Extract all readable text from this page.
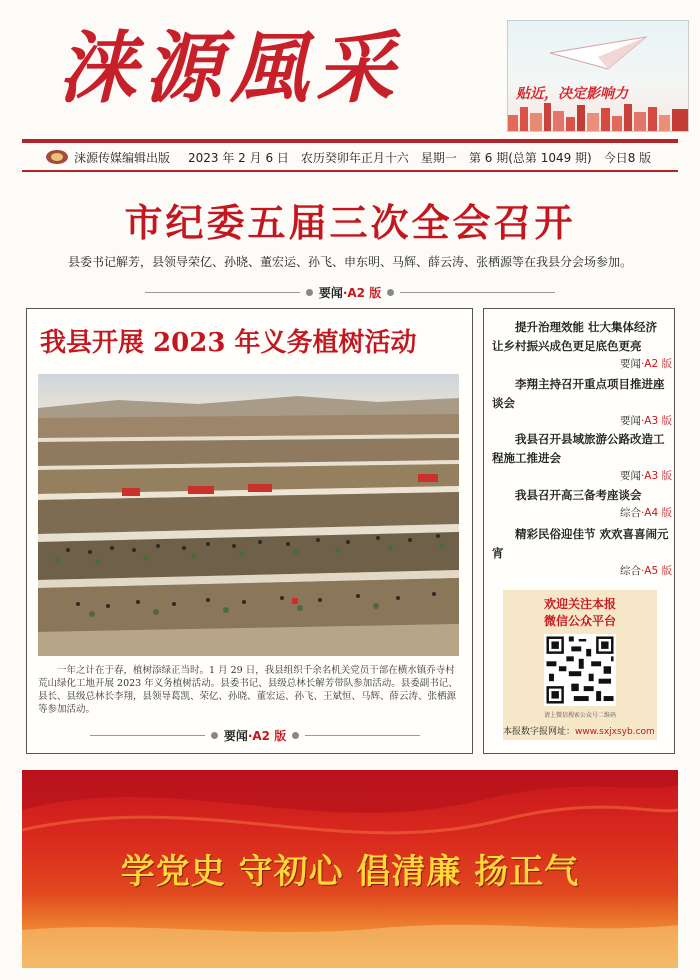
涞源風采	贴近，决定影响力
涞源传媒编辑出版 2023 年 2 月 6 日 农历癸卯年正月十六 星期一 第 6 期(总第 1049 期) 今日8 版
市纪委五届三次全会召开
县委书记解芳，县领导荣亿、孙晓、董宏运、孙飞、申东明、马辉、薛云涛、张栖源等在我县分会场参加。
要闻 ·A2 版
我县开展 2023 年义务植树活动
一年之计在于春，植树添绿正当时。1 月 29 日，我县组织千余名机关党员干部在横水镇乔寺村荒山绿化工地开展 2023 年义务植树活动。县委书记、县级总林长解芳带队参加活动。县委副书记、县长、县级总林长李翔，县领导葛凯、荣亿、孙晓、董宏运、孙飞、王斌恒、马辉、薛云涛、张栖源等参加活动。
要闻 ·A2 版
提升治理效能 壮大集体经济 让乡村振兴成色更足底色更亮
要闻·A2 版
李翔主持召开重点项目推进座谈会
要闻·A3 版
我县召开县域旅游公路改造工程施工推进会
要闻·A3 版
我县召开高三备考座谈会
综合·A4 版
精彩民俗迎佳节 欢欢喜喜闹元宵
综合·A5 版
欢迎关注本报
微信公众平台
请上微信搜索公众号二维码
本报数字报网址：www.sxjxsyb.com
学党史 守初心 倡清廉 扬正气
